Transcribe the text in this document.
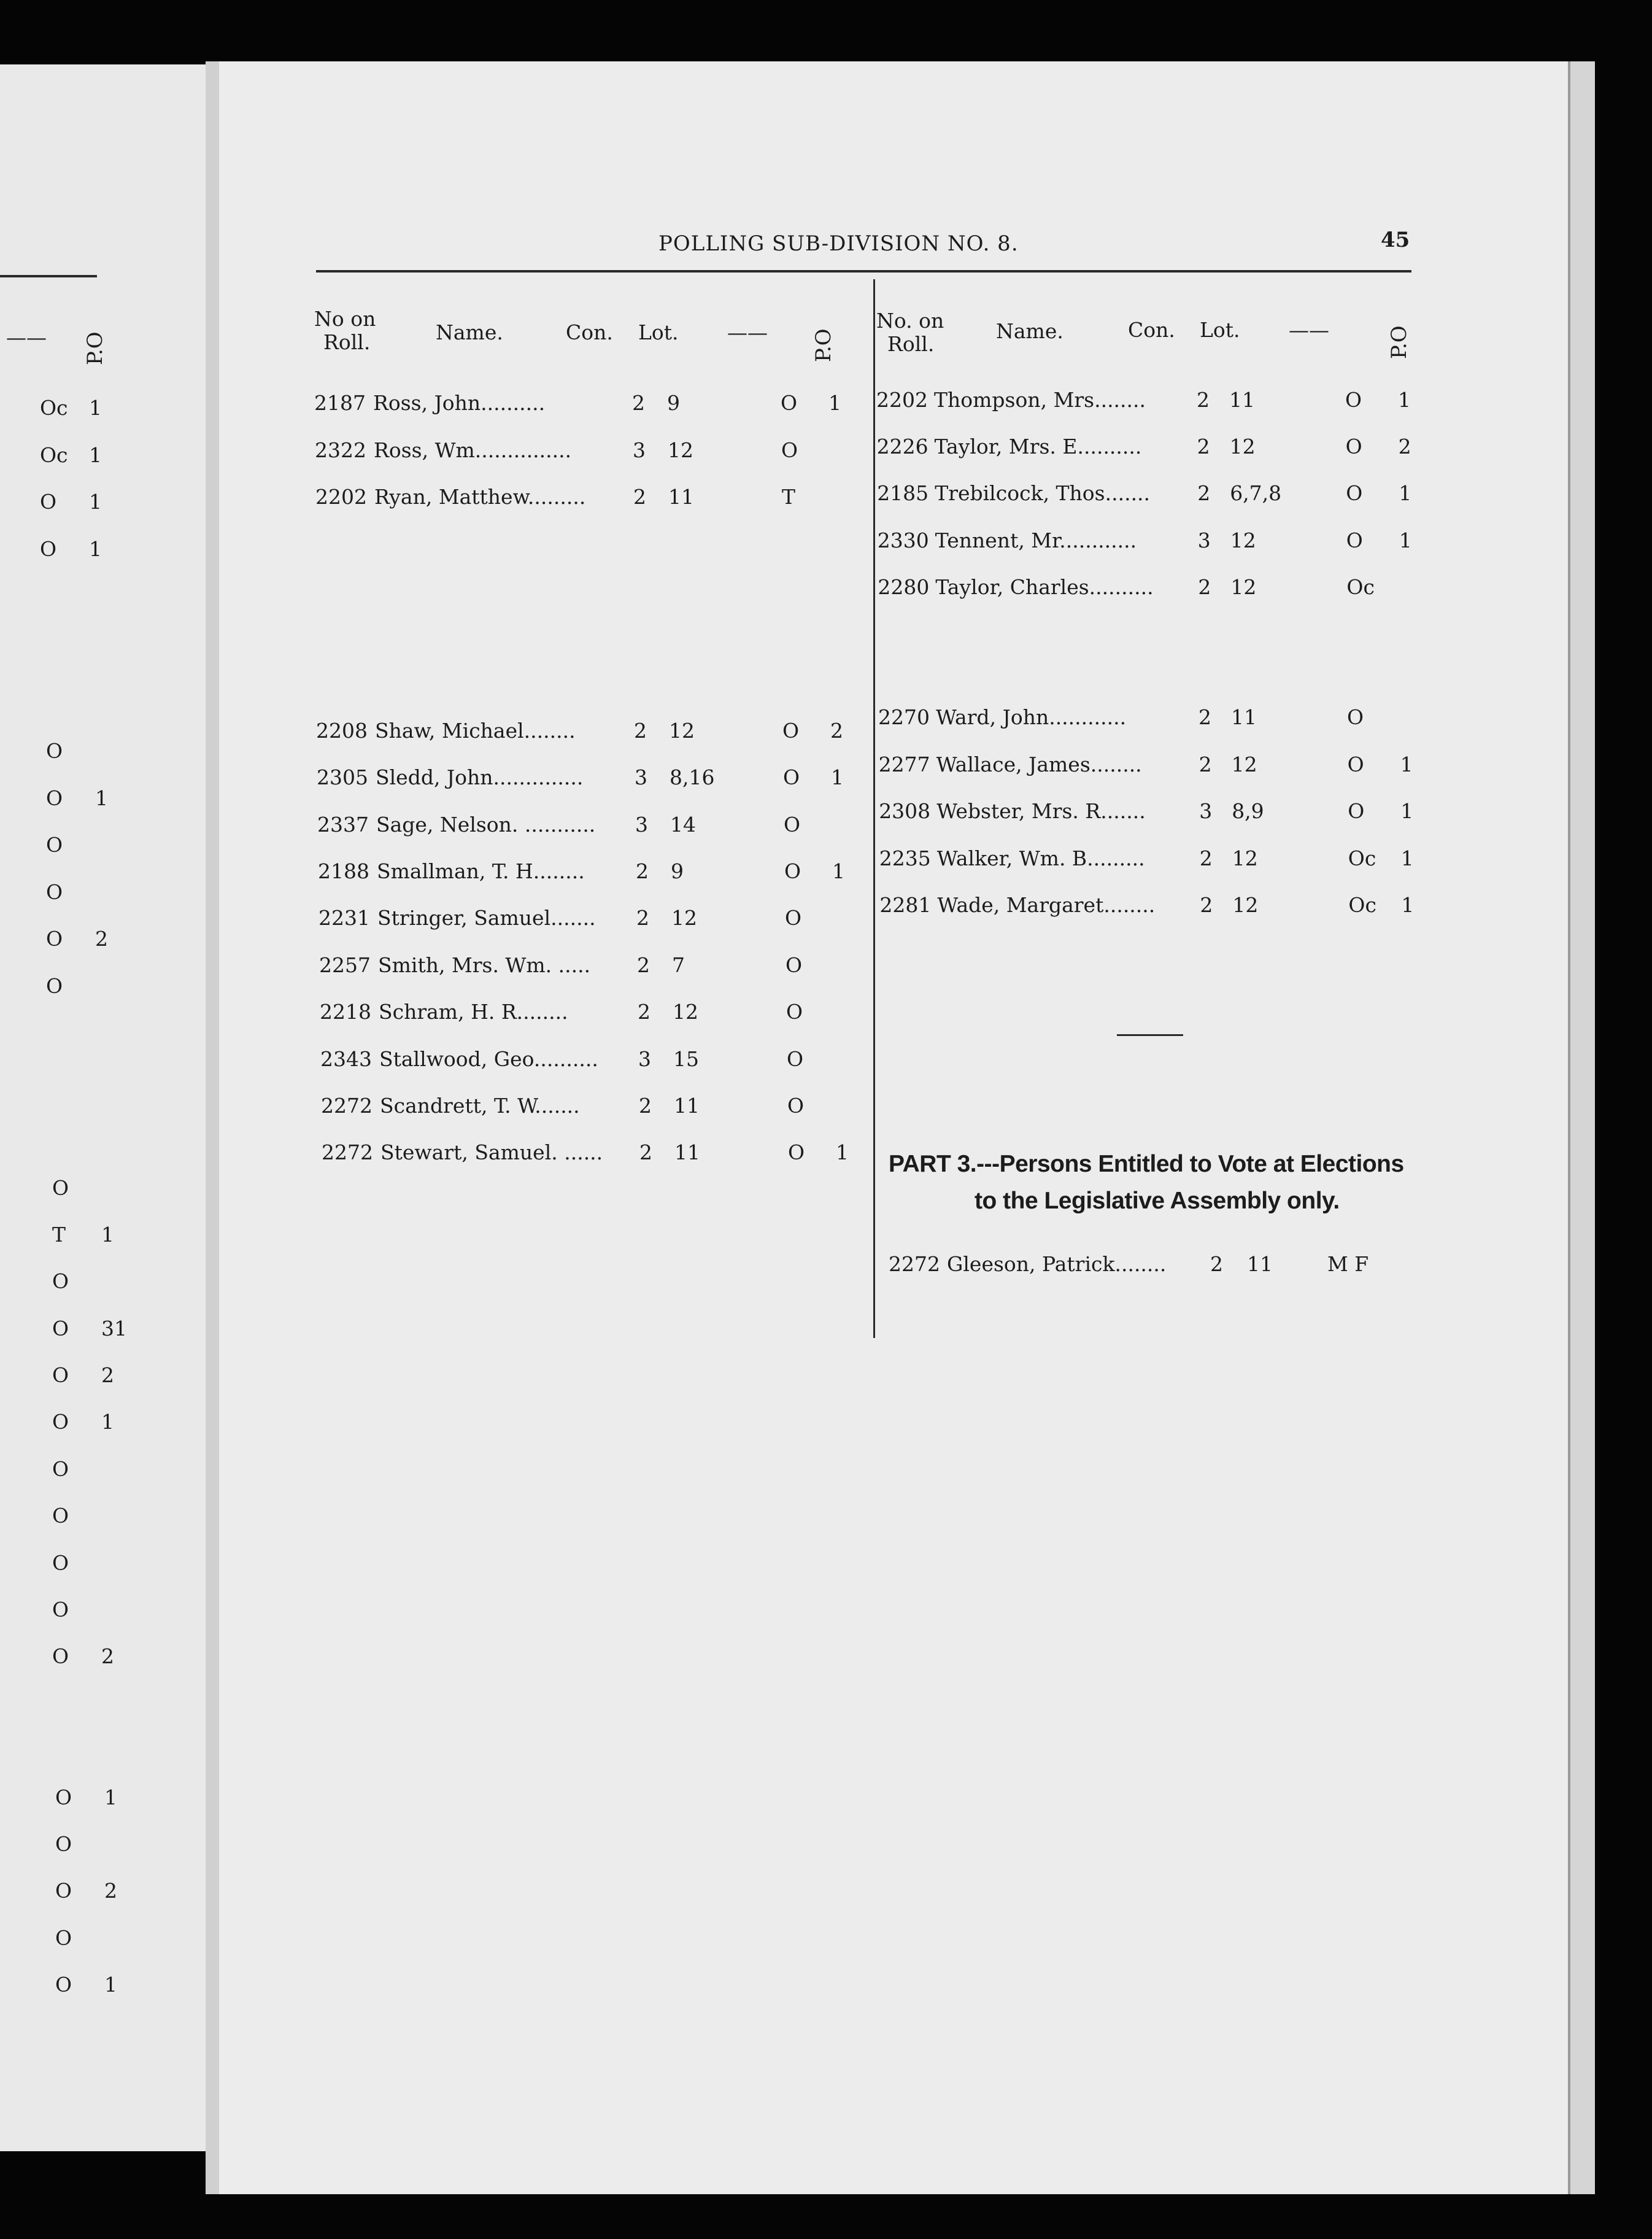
—— P.O
Oc 1
Oc 1
O 1
O 1
O
O 1
O
O
O 2
O
O
T 1
O
O 31
O 2
O 1
O
O
O
O
O 2
O 1
O
O 2
O
O 1
POLLING SUB-DIVISION NO. 8.	45
No on
Roll.	Name.	Con. Lot. —— P.O
No. on
Roll.
Name.	Con. Lot. ——	P.O
2187 Ross, John..........	2 9	O 1
2322 Ross, Wm...............	3 12	O
2202 Ryan, Matthew......... 2 11	T
2208 Shaw, Michael........	2 12	O 2
2305 Sledd, John..............	3 8,16	O 1
2337 Sage, Nelson. ........... 3 14	O
2188 Smallman, T. H........	2 9	O 1
2231 Stringer, Samuel....... 2 12	O
2257 Smith, Mrs. Wm. ..... 2 7	O
2218 Schram, H. R........	2 12	O
2343 Stallwood, Geo.......... 3 15	O
2272 Scandrett, T. W.......	2 11	O
2272 Stewart, Samuel. ...... 2 11	O 1
2202 Thompson, Mrs........	2 11	O 1
2226 Taylor, Mrs. E..........	2 12	O 2
2185 Trebilcock, Thos....... 2 6,7,8	O 1
2330 Tennent, Mr............	3 12	O 1
2280 Taylor, Charles.......... 2 12	Oc
2270 Ward, John............	2 11	O
2277 Wallace, James........	2 12	O 1
2308 Webster, Mrs. R.......	3 8,9	O 1
2235 Walker, Wm. B.........	2 12	Oc 1
2281 Wade, Margaret........ 2 12	Oc 1
PART 3.---Persons Entitled to Vote at Elections
to the Legislative Assembly only.
2272 Gleeson, Patrick........ 2 11	M F
